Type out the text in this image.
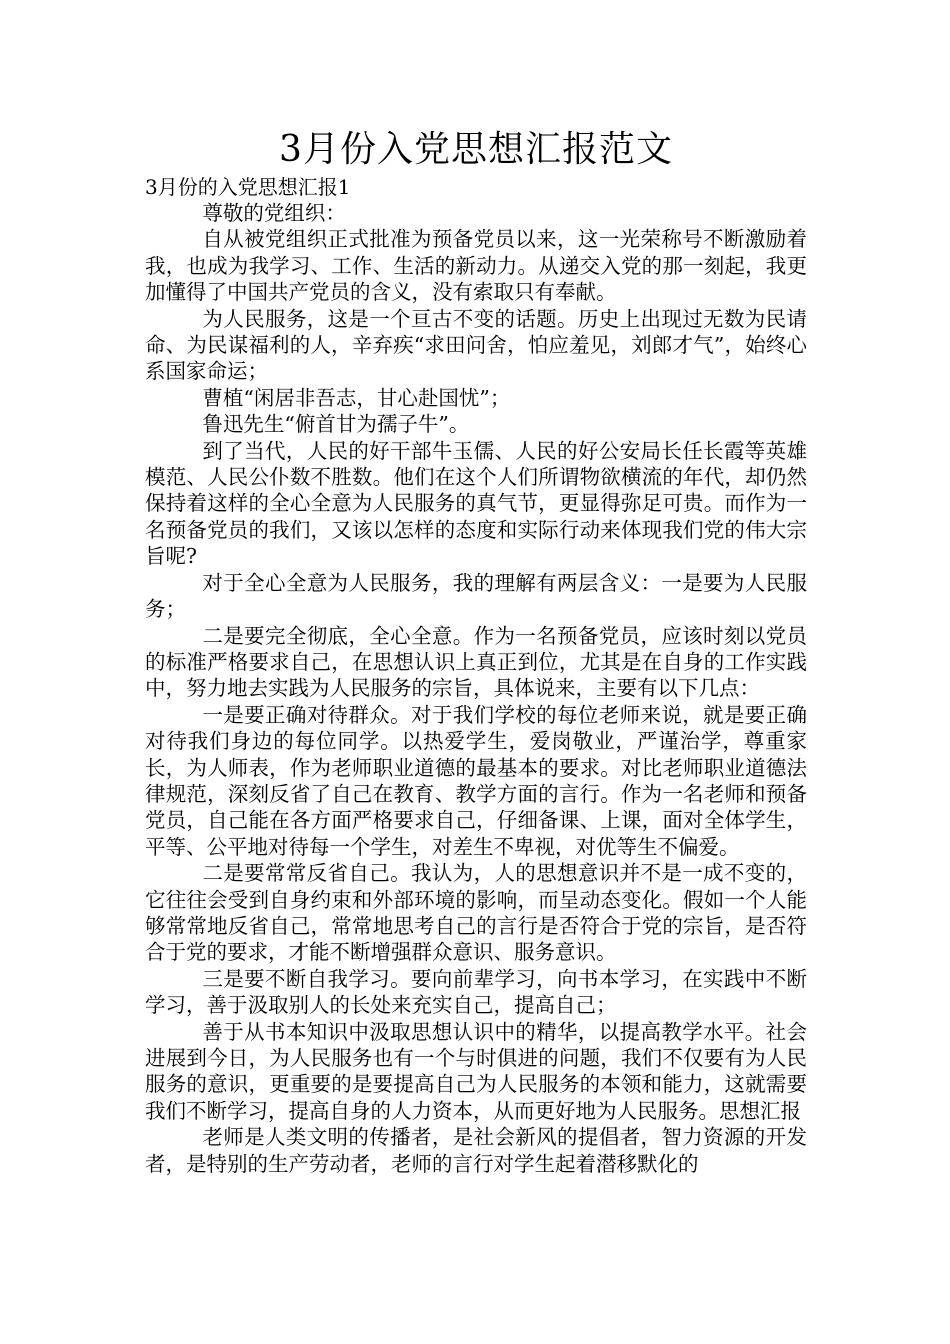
3月份入党思想汇报范文
3月份的入党思想汇报1

尊敬的党组织：

自从被党组织正式批准为预备党员以来，这一光荣称号不断激励着我，也成为我学习、工作、生活的新动力。从递交入党的那一刻起，我更加懂得了中国共产党员的含义，没有索取只有奉献。

为人民服务，这是一个亘古不变的话题。历史上出现过无数为民请命、为民谋福利的人，辛弃疾“求田问舍，怕应羞见，刘郎才气”，始终心系国家命运；

曹植“闲居非吾志，甘心赴国忧”；

鲁迅先生“俯首甘为孺子牛”。

到了当代，人民的好干部牛玉儒、人民的好公安局长任长霞等英雄模范、人民公仆数不胜数。他们在这个人们所谓物欲横流的年代，却仍然保持着这样的全心全意为人民服务的真气节，更显得弥足可贵。而作为一名预备党员的我们，又该以怎样的态度和实际行动来体现我们党的伟大宗旨呢?

对于全心全意为人民服务，我的理解有两层含义：一是要为人民服务；

二是要完全彻底，全心全意。作为一名预备党员，应该时刻以党员的标准严格要求自己，在思想认识上真正到位，尤其是在自身的工作实践中，努力地去实践为人民服务的宗旨，具体说来，主要有以下几点：

一是要正确对待群众。对于我们学校的每位老师来说，就是要正确对待我们身边的每位同学。以热爱学生，爱岗敬业，严谨治学，尊重家长，为人师表，作为老师职业道德的最基本的要求。对比老师职业道德法律规范，深刻反省了自己在教育、教学方面的言行。作为一名老师和预备党员，自己能在各方面严格要求自己，仔细备课、上课，面对全体学生，平等、公平地对待每一个学生，对差生不卑视，对优等生不偏爱。

二是要常常反省自己。我认为，人的思想意识并不是一成不变的，它往往会受到自身约束和外部环境的影响，而呈动态变化。假如一个人能够常常地反省自己，常常地思考自己的言行是否符合于党的宗旨，是否符合于党的要求，才能不断增强群众意识、服务意识。

三是要不断自我学习。要向前辈学习，向书本学习，在实践中不断学习，善于汲取别人的长处来充实自己，提高自己；

善于从书本知识中汲取思想认识中的精华，以提高教学水平。社会进展到今日，为人民服务也有一个与时俱进的问题，我们不仅要有为人民服务的意识，更重要的是要提高自己为人民服务的本领和能力，这就需要我们不断学习，提高自身的人力资本，从而更好地为人民服务。思想汇报

老师是人类文明的传播者，是社会新风的提倡者，智力资源的开发者，是特别的生产劳动者，老师的言行对学生起着潜移默化的
